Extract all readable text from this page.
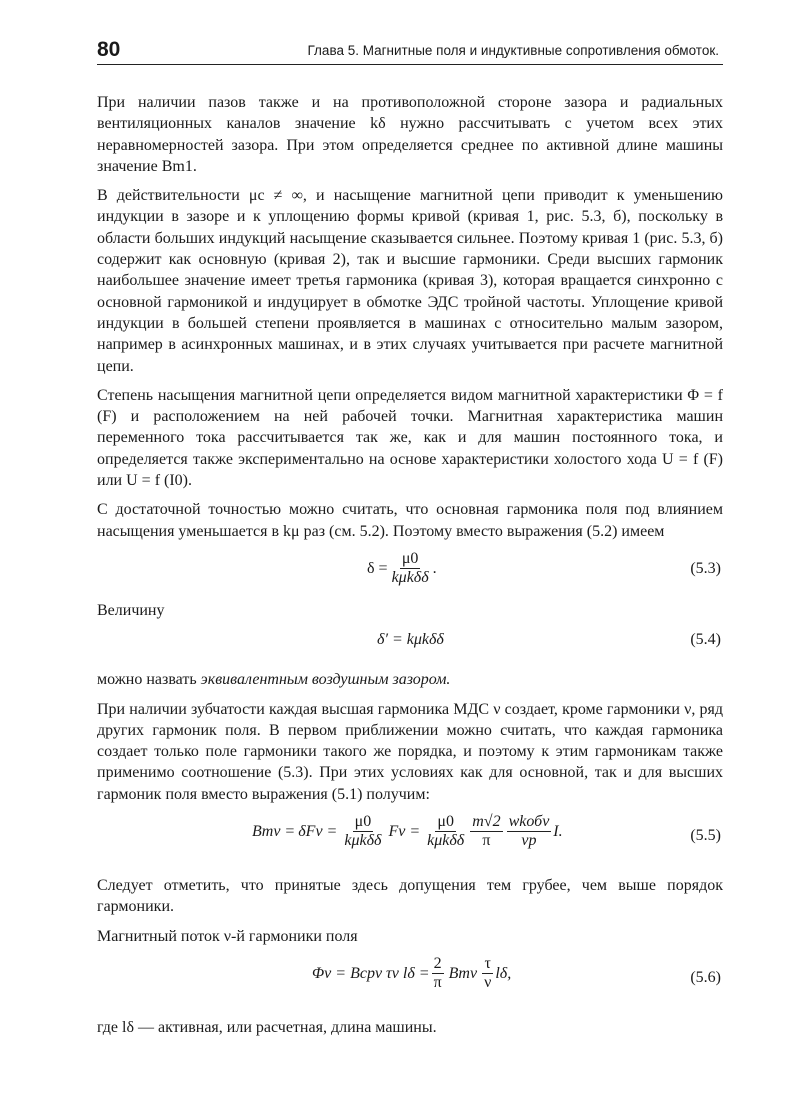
80	Глава 5. Магнитные поля и индуктивные сопротивления обмоток.

При наличии пазов также и на противоположной стороне зазора и радиальных вентиляционных каналов значение kδ нужно рассчитывать с учетом всех этих неравномерностей зазора. При этом определяется среднее по активной длине машины значение Bm1.

В действительности μc ≠ ∞, и насыщение магнитной цепи приводит к уменьшению индукции в зазоре и к уплощению формы кривой (кривая 1, рис. 5.3, б), поскольку в области больших индукций насыщение сказывается сильнее. Поэтому кривая 1 (рис. 5.3, б) содержит как основную (кривая 2), так и высшие гармоники. Среди высших гармоник наибольшее значение имеет третья гармоника (кривая 3), которая вращается синхронно с основной гармоникой и индуцирует в обмотке ЭДС тройной частоты. Уплощение кривой индукции в большей степени проявляется в машинах с относительно малым зазором, например в асинхронных машинах, и в этих случаях учитывается при расчете магнитной цепи.

Степень насыщения магнитной цепи определяется видом магнитной характеристики Φ = f (F) и расположением на ней рабочей точки. Магнитная характеристика машин переменного тока рассчитывается так же, как и для машин постоянного тока, и определяется также экспериментально на основе характеристики холостого хода U = f (F) или U = f (I0).

С достаточной точностью можно считать, что основная гармоника поля под влиянием насыщения уменьшается в kμ раз (см. 5.2). Поэтому вместо выражения (5.2) имеем

$\delta = \frac{\mu 0}{\text{kμkδδ}}$ .	(5.3)

Величину

δ′ = kμkδδ	(5.4)

можно назвать эквивалентным воздушным зазором.

При наличии зубчатости каждая высшая гармоника МДС ν создает, кроме гармоники ν, ряд других гармоник поля. В первом приближении можно считать, что каждая гармоника создает только поле гармоники такого же порядка, и поэтому к этим гармоникам также применимо соотношение (5.3). При этих условиях как для основной, так и для высших гармоник поля вместо выражения (5.1) получим:

$Bm\nu = \delta F\nu = \frac{\mu 0}{\text{kμkδδ}}$ $F\nu = \frac{\mu 0}{\text{kμkδδ}} \frac{m√2}{\pi} \frac{\text{wkобν}}{\nu p} I$.	(5.5)

Следует отметить, что принятые здесь допущения тем грубее, чем выше порядок гармоники.

Магнитный поток ν-й гармоники поля

Φν = Bсрν τν $l\delta = \frac{2}{\pi}$ Bmν $\frac{\tau}{\nu} l\delta$,	(5.6)

где lδ — активная, или расчетная, длина машины.
